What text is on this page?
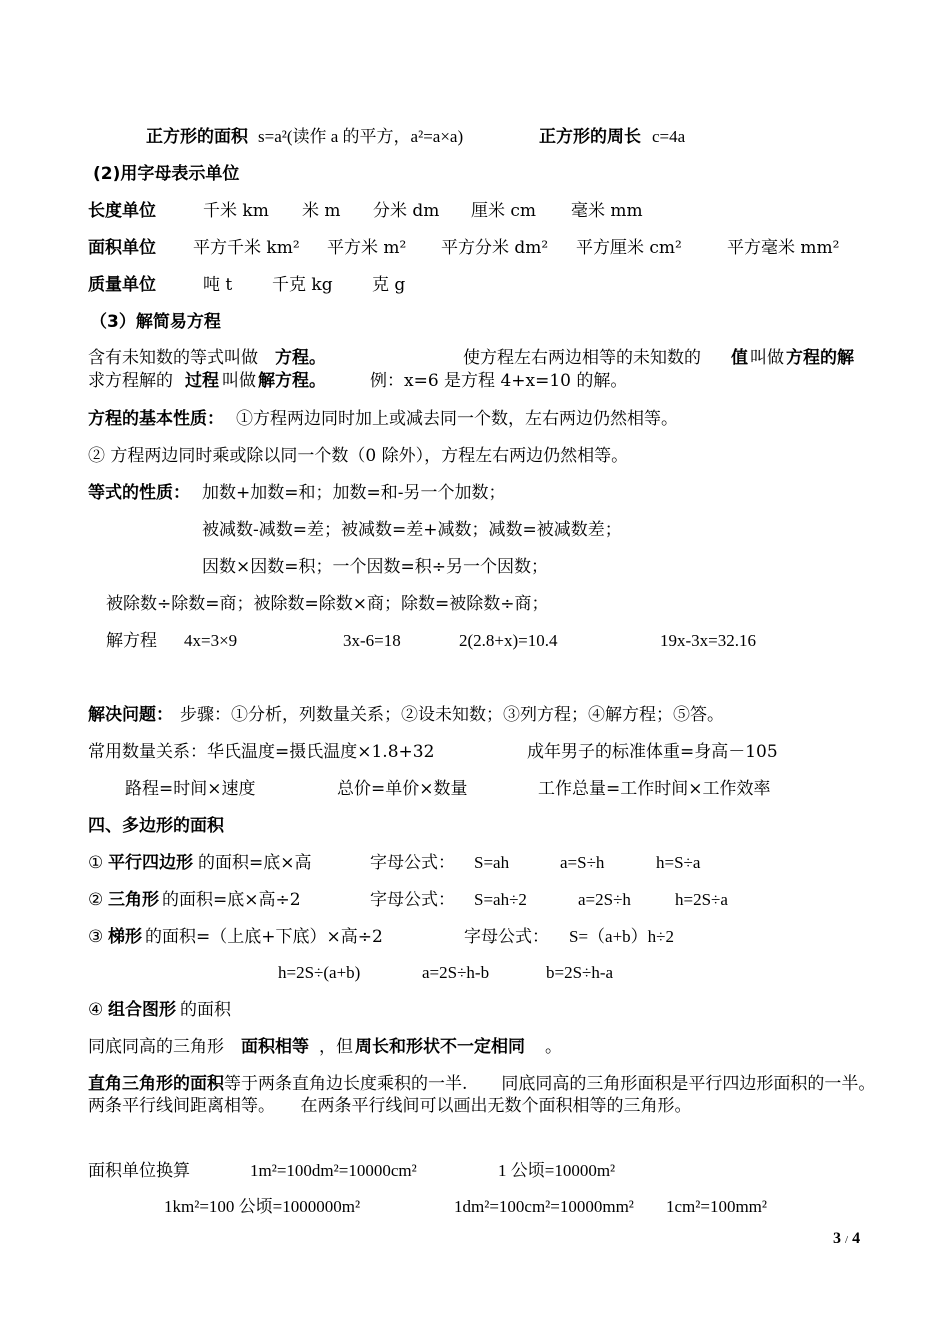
正方形的面积 s=a²(读作 a 的平方，a²=a×a)	正方形的周长 c=4a
(2)用字母表示单位
长度单位	千米 km 米 m 分米 dm 厘米 cm 毫米 mm
面积单位 平方千米 km² 平方米 m² 平方分米 dm² 平方厘米 cm²	平方毫米 mm²
质量单位	吨 t 千克 kg 克 g
（3）解简易方程
含有未知数的等式叫做 方程。	使方程左右两边相等的未知数的 值 叫做 方程的解
求方程解的 过程 叫做 解方程。	例：x=6 是方程 4+x=10 的解。
方程的基本性质： ①方程两边同时加上或减去同一个数，左右两边仍然相等。
② 方程两边同时乘或除以同一个数（0 除外），方程左右两边仍然相等。
等式的性质： 加数+加数=和；加数=和-另一个加数；
被减数-减数=差；被减数=差+减数；减数=被减数差；
因数×因数=积；一个因数=积÷另一个因数；
被除数÷除数=商；被除数=除数×商；除数=被除数÷商；
解方程 4x=3×9	3x-6=18	2(2.8+x)=10.4	19x-3x=32.16
解决问题： 步骤：①分析，列数量关系；②设未知数；③列方程；④解方程；⑤答。
常用数量关系：华氏温度=摄氏温度×1.8+32	成年男子的标准体重=身高－105
路程=时间×速度	总价=单价×数量	工作总量=工作时间×工作效率
四、多边形的面积
① 平行四边形 的面积=底×高	字母公式： S=ah	a=S÷h	h=S÷a
② 三角形 的面积=底×高÷2	字母公式： S=ah÷2	a=2S÷h	h=2S÷a
③ 梯形 的面积=（上底+下底）×高÷2	字母公式： S=（a+b）h÷2
h=2S÷(a+b)	a=2S÷h-b	b=2S÷h-a
④ 组合图形 的面积
同底同高的三角形 面积相等 ，但 周长和形状不一定相同 。
直角三角形的面积等于两条直角边长度乘积的一半.　　同底同高的三角形面积是平行四边形面积的一半。　　两条平行线间距离相等。　　在两条平行线间可以画出无数个面积相等的三角形。
面积单位换算	1m²=100dm²=10000cm²	1 公顷=10000m²
1km²=100 公顷=1000000m²	1dm²=100cm²=10000mm² 1cm²=100mm²
3 / 4
